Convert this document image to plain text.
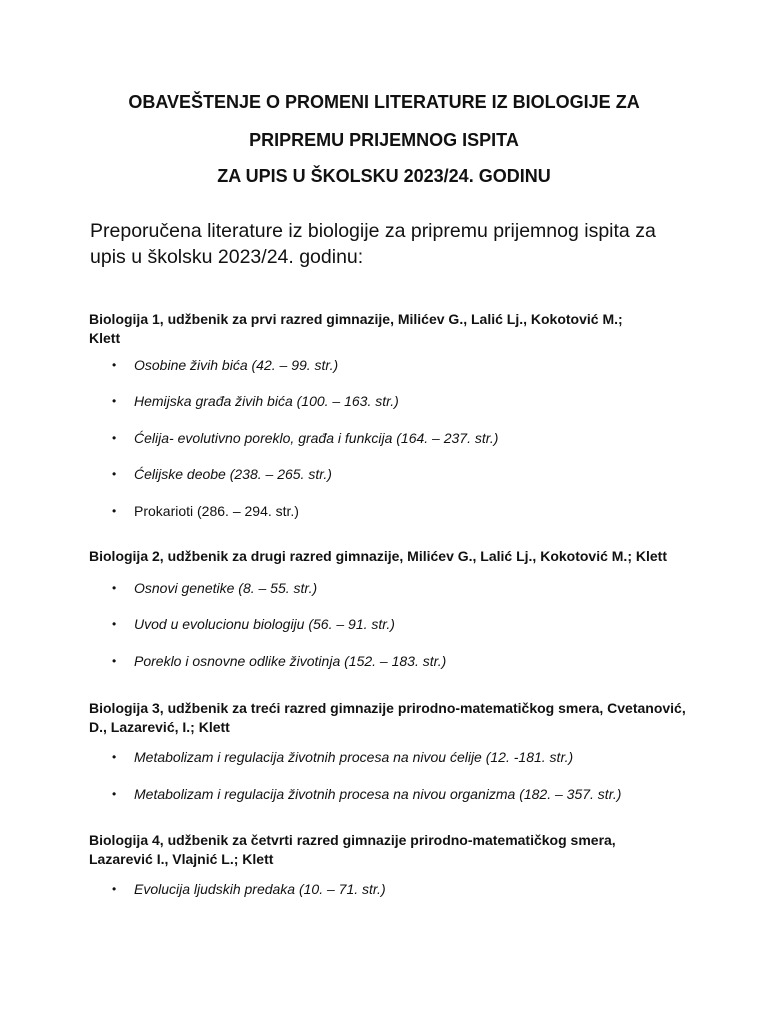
OBAVEŠTENJE O PROMENI LITERATURE IZ BIOLOGIJE ZA
PRIPREMU PRIJEMNOG ISPITA
ZA UPIS U ŠKOLSKU 2023/24. GODINU
Preporučena literature iz biologije za pripremu prijemnog ispita za
upis u školsku 2023/24. godinu:
Biologija 1, udžbenik za prvi razred gimnazije, Milićev G., Lalić Lj., Kokotović M.;
Klett
• Osobine živih bića (42. – 99. str.)
• Hemijska građa živih bića (100. – 163. str.)
• Ćelija- evolutivno poreklo, građa i funkcija (164. – 237. str.)
• Ćelijske deobe (238. – 265. str.)
• Prokarioti (286. – 294. str.)
Biologija 2, udžbenik za drugi razred gimnazije, Milićev G., Lalić Lj., Kokotović M.; Klett
• Osnovi genetike (8. – 55. str.)
• Uvod u evolucionu biologiju (56. – 91. str.)
• Poreklo i osnovne odlike životinja (152. – 183. str.)
Biologija 3, udžbenik za treći razred gimnazije prirodno-matematičkog smera, Cvetanović,
D., Lazarević, I.; Klett
• Metabolizam i regulacija životnih procesa na nivou ćelije (12. -181. str.)
• Metabolizam i regulacija životnih procesa na nivou organizma (182. – 357. str.)
Biologija 4, udžbenik za četvrti razred gimnazije prirodno-matematičkog smera,
Lazarević I., Vlajnić L.; Klett
• Evolucija ljudskih predaka (10. – 71. str.)
